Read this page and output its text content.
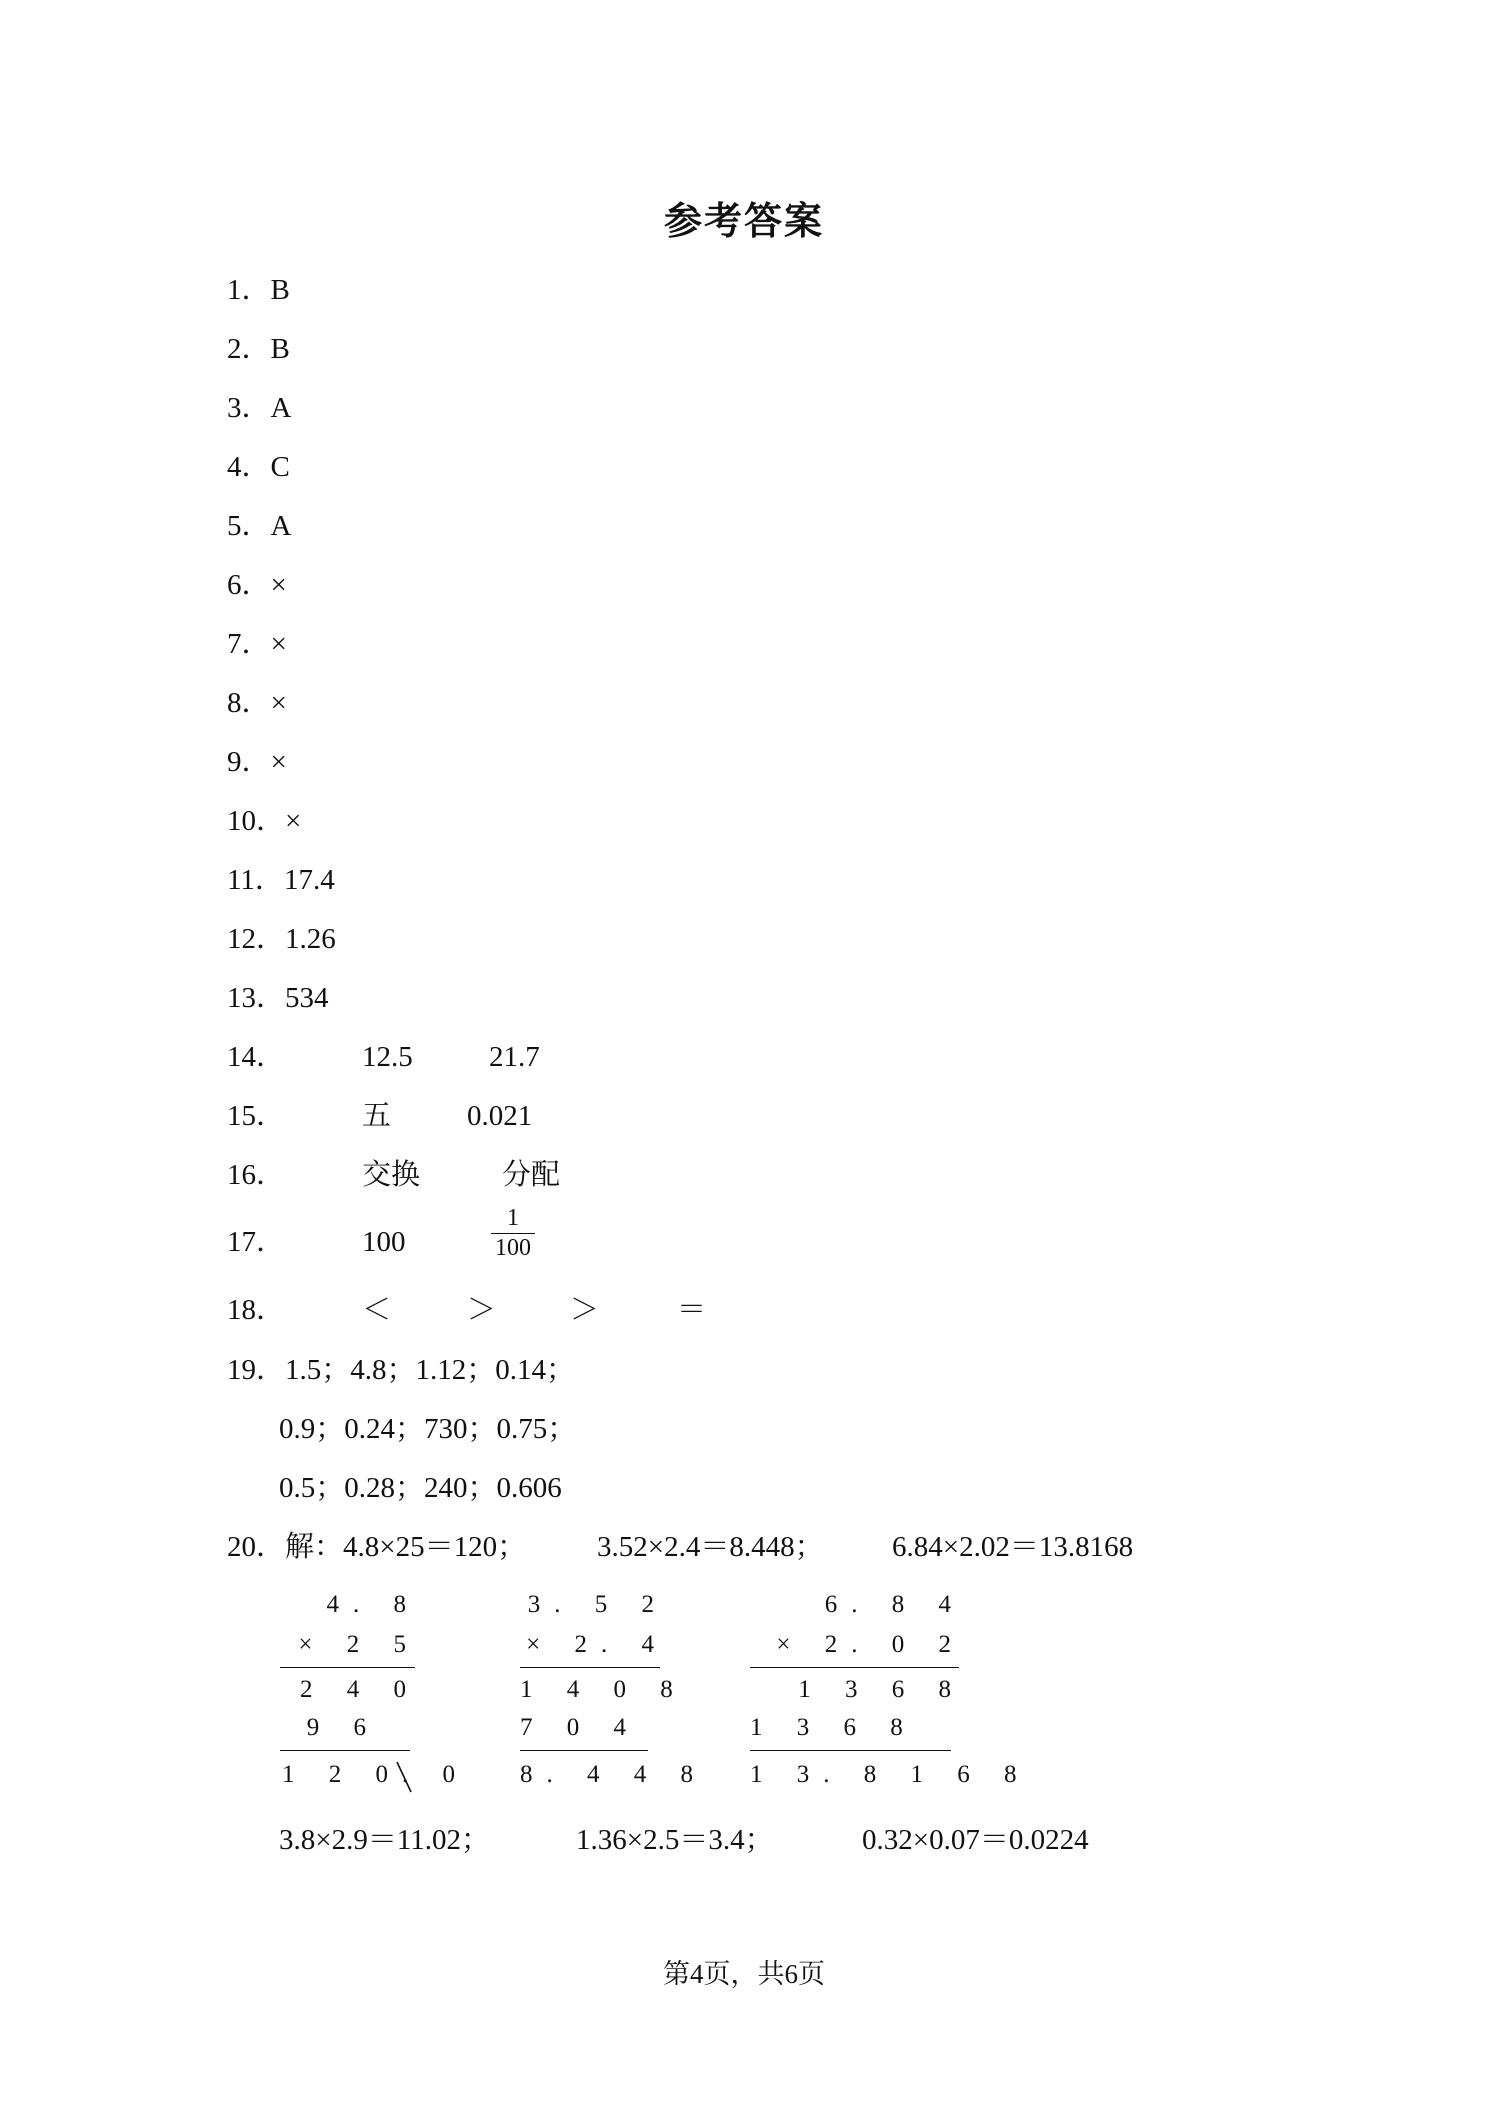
参考答案
1．B
2．B
3．A
4．C
5．A
6．×
7．×
8．×
9．×
10．×
11．17.4
12．1.26
13．534
14．	12.5	21.7
15．	五	0.021
16．	交换	分配
17．	100
1
100
18．	＜	＞	＞	＝
19．1.5；4.8；1.12；0.14；
0.9；0.24；730；0.75；
0.5；0.28；240；0.606
20．解：4.8×25＝120； 3.52×2.4＝8.448； 6.84×2.02＝13.8168
4. 8
× 2 5
2 4 0
9 6
1 2 0. 0
3. 5 2
× 2. 4
1 4 0 8
7 0 4
8. 4 4 8
6. 8 4
× 2. 0 2
1 3 6 8
1 3 6 8
1 3. 8 1 6 8
3.8×2.9＝11.02；	1.36×2.5＝3.4；	0.32×0.07＝0.0224
第4页，共6页
